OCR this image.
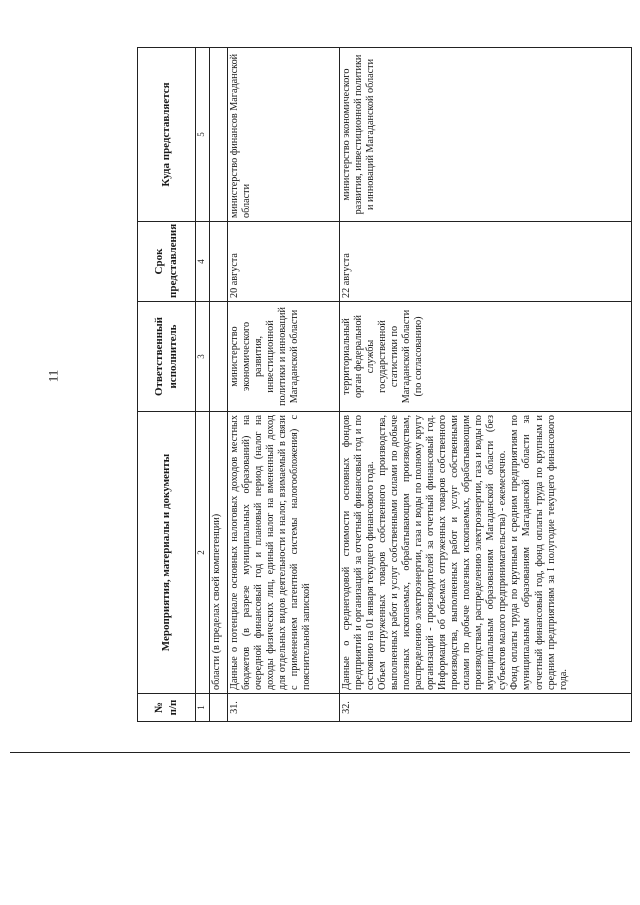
11
№ п/п	Мероприятия, материалы и документы	Ответственный исполнитель	Срок представления	Куда представляется
1	2	3	4	5
	области (в пределах своей компетенции)			
31.	Данные о потенциале основных налоговых доходов местных бюджетов (в разрезе муниципальных образований) на очередной финансовый год и плановый период (налог на доходы физических лиц, единый налог на вмененный доход для отдельных видов деятельности и налог, взимаемый в связи с применением патентной системы налогообложения) с пояснительной запиской	министерство экономического развития, инвестиционной политики и инноваций Магаданской области	20 августа	министерство финансов Магаданской области
32.	Данные о среднегодовой стоимости основных фондов предприятий и организаций за отчетный финансовый год и по состоянию на 01 января текущего финансового года. Объем отгруженных товаров собственного производства, выполненных работ и услуг собственными силами по добыче полезных ископаемых, обрабатывающим производствам, распределению электроэнергии, газа и воды по полному кругу организаций - производителей за отчетный финансовый год. Информация об объемах отгруженных товаров собственного производства, выполненных работ и услуг собственными силами по добыче полезных ископаемых, обрабатывающим производствам, распределению электроэнергии, газа и воды по муниципальным образованиям Магаданской области (без субъектов малого предпринимательства) - ежемесячно. Фонд оплаты труда по крупным и средним предприятиям по муниципальным образованиям Магаданской области за отчетный финансовый год, фонд оплаты труда по крупным и средним предприятиям за I полугодие текущего финансового года.	территориальный орган федеральной службы государственной статистики по Магаданской области (по согласованию)	22 августа	министерство экономического развития, инвестиционной политики и инноваций Магаданской области
